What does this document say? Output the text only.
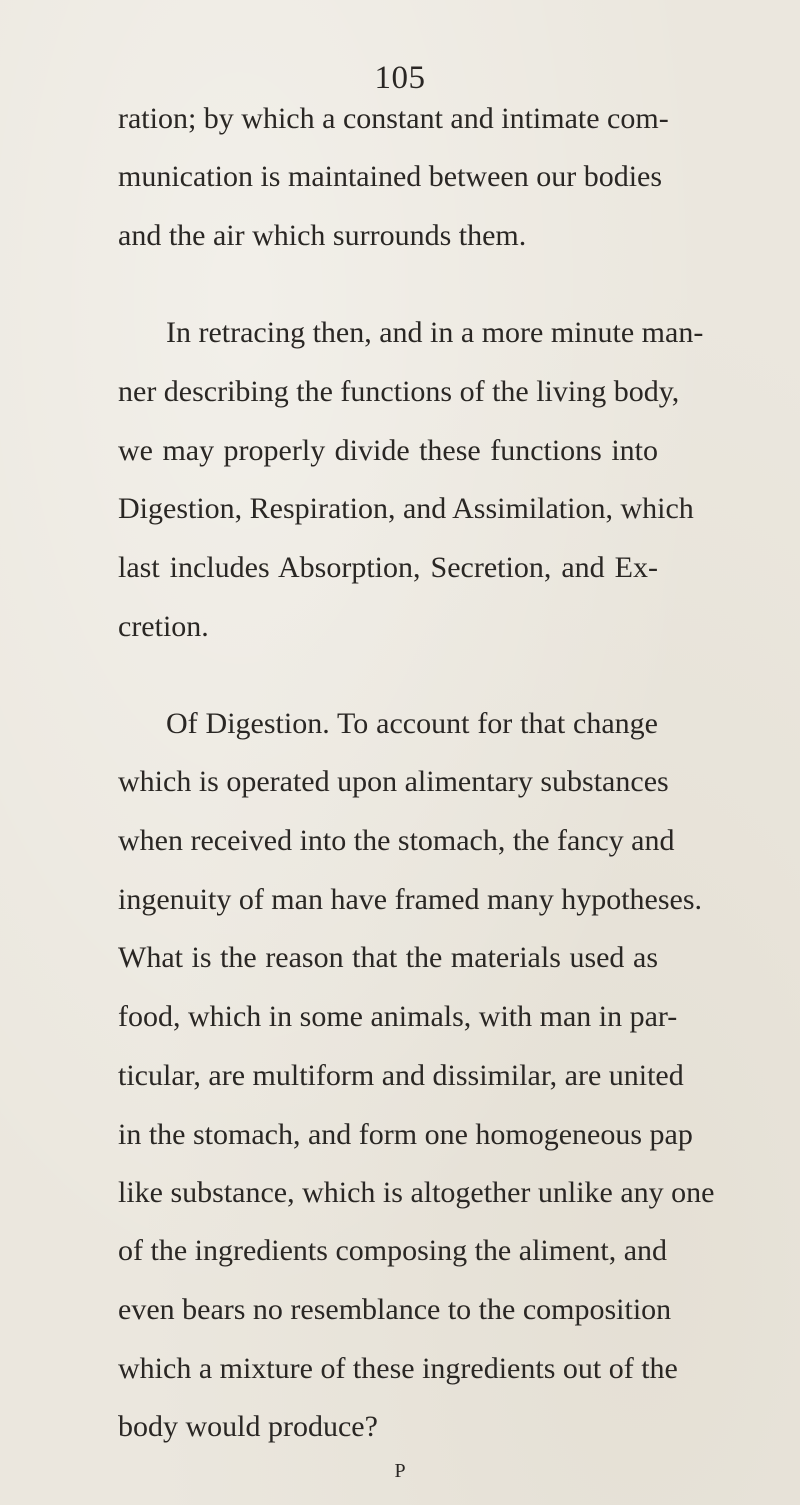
105
ration; by which a constant and intimate com-
munication is maintained between our bodies
and the air which surrounds them.
In retracing then, and in a more minute man-
ner describing the functions of the living body,
we may properly divide these functions into
Digestion, Respiration, and Assimilation, which
last includes Absorption, Secretion, and Ex-
cretion.
Of Digestion. To account for that change
which is operated upon alimentary substances
when received into the stomach, the fancy and
ingenuity of man have framed many hypotheses.
What is the reason that the materials used as
food, which in some animals, with man in par-
ticular, are multiform and dissimilar, are united
in the stomach, and form one homogeneous pap
like substance, which is altogether unlike any one
of the ingredients composing the aliment, and
even bears no resemblance to the composition
which a mixture of these ingredients out of the
body would produce?
P
